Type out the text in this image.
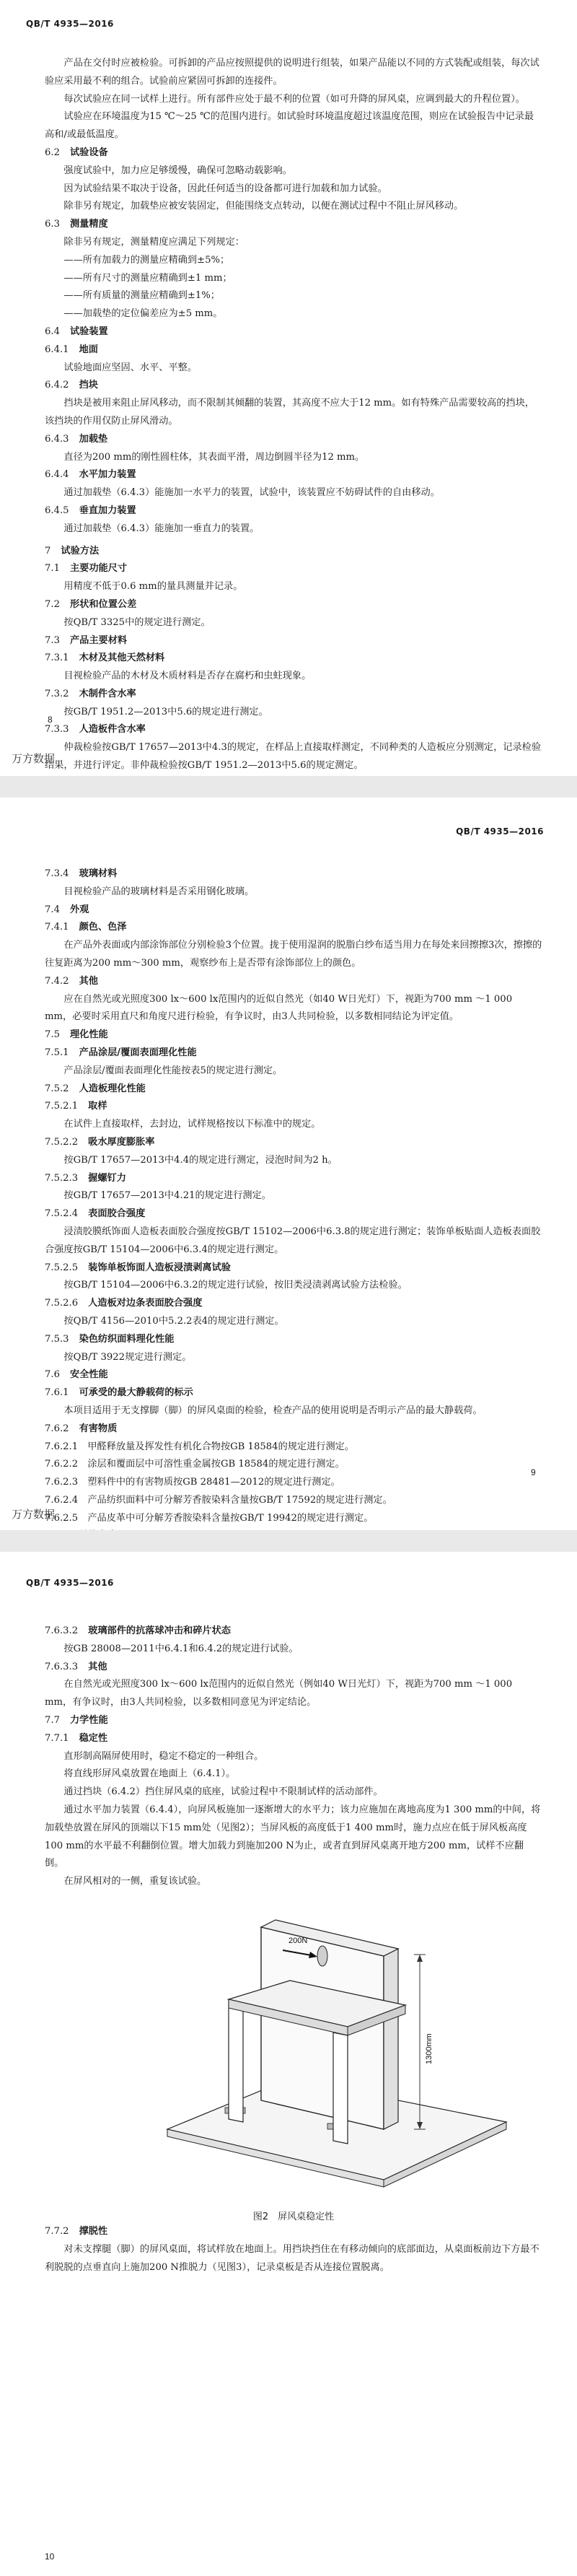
QB/T 4935—2016

产品在交付时应被检验。可拆卸的产品应按照提供的说明进行组装，如果产品能以不同的方式装配或组装，每次试验应采用最不利的组合。试验前应紧固可拆卸的连接件。

每次试验应在同一试样上进行。所有部件应处于最不利的位置（如可升降的屏风桌，应调到最大的升程位置）。

试验应在环境温度为15 ℃～25 ℃的范围内进行。如试验时环境温度超过该温度范围，则应在试验报告中记录最高和/或最低温度。

6.2 试验设备

强度试验中，加力应足够缓慢，确保可忽略动载影响。

因为试验结果不取决于设备，因此任何适当的设备都可进行加载和加力试验。

除非另有规定，加载垫应被安装固定，但能围绕支点转动，以便在测试过程中不阻止屏风移动。

6.3 测量精度

除非另有规定，测量精度应满足下列规定：

——所有加载力的测量应精确到±5%；

——所有尺寸的测量应精确到±1 mm；

——所有质量的测量应精确到±1%；

——加载垫的定位偏差应为±5 mm。

6.4 试验装置

6.4.1 地面

试验地面应坚固、水平、平整。

6.4.2 挡块

挡块是被用来阻止屏风移动，而不限制其倾翻的装置，其高度不应大于12 mm。如有特殊产品需要较高的挡块，该挡块的作用仅防止屏风滑动。

6.4.3 加载垫

直径为200 mm的刚性圆柱体，其表面平滑，周边倒圆半径为12 mm。

6.4.4 水平加力装置

通过加载垫（6.4.3）能施加一水平力的装置，试验中，该装置应不妨碍试件的自由移动。

6.4.5 垂直加力装置

通过加载垫（6.4.3）能施加一垂直力的装置。

7 试验方法

7.1 主要功能尺寸

用精度不低于0.6 mm的量具测量并记录。

7.2 形状和位置公差

按QB/T 3325中的规定进行测定。

7.3 产品主要材料

7.3.1 木材及其他天然材料

目视检验产品的木材及木质材料是否存在腐朽和虫蛀现象。

7.3.2 木制件含水率

按GB/T 1951.2—2013中5.6的规定进行测定。

7.3.3 人造板件含水率

仲裁检验按GB/T 17657—2013中4.3的规定，在样品上直接取样测定，不同种类的人造板应分别测定，记录检验结果，并进行评定。非仲裁检验按GB/T 1951.2—2013中5.6的规定测定。

8
万方数据
QB/T 4935—2016

7.3.4 玻璃材料

目视检验产品的玻璃材料是否采用钢化玻璃。

7.4 外观

7.4.1 颜色、色泽

在产品外表面或内部涂饰部位分别检验3个位置。拢于使用湿润的脱脂白纱布适当用力在每处来回擦擦3次，擦擦的往复距离为200 mm～300 mm，观察纱布上是否带有涂饰部位上的颜色。

7.4.2 其他

应在自然光或光照度300 lx～600 lx范围内的近似自然光（如40 W日光灯）下，视距为700 mm ～1 000 mm，必要时采用直尺和角度尺进行检验，有争议时，由3人共同检验，以多数相同结论为评定值。

7.5 理化性能

7.5.1 产品涂层/覆面表面理化性能

产品涂层/覆面表面理化性能按表5的规定进行测定。

7.5.2 人造板理化性能

7.5.2.1 取样

在试件上直接取样，去封边，试样规格按以下标准中的规定。

7.5.2.2 吸水厚度膨胀率

按GB/T 17657—2013中4.4的规定进行测定，浸泡时间为2 h。

7.5.2.3 握螺钉力

按GB/T 17657—2013中4.21的规定进行测定。

7.5.2.4 表面胶合强度

浸渍胶膜纸饰面人造板表面胶合强度按GB/T 15102—2006中6.3.8的规定进行测定；装饰单板贴面人造板表面胶合强度按GB/T 15104—2006中6.3.4的规定进行测定。

7.5.2.5 装饰单板饰面人造板浸渍剥离试验

按GB/T 15104—2006中6.3.2的规定进行试验，按旧类浸渍剥离试验方法检验。

7.5.2.6 人造板对边条表面胶合强度

按QB/T 4156—2010中5.2.2表4的规定进行测定。

7.5.3 染色纺织面料理化性能

按QB/T 3922规定进行测定。

7.6 安全性能

7.6.1 可承受的最大静载荷的标示

本项目适用于无支撑脚（脚）的屏风桌面的检验，检查产品的使用说明是否明示产品的最大静载荷。

7.6.2 有害物质

7.6.2.1　甲醛释放量及挥发性有机化合物按GB 18584的规定进行测定。

7.6.2.2　涂层和覆面层中可溶性重金属按GB 18584的规定进行测定。

7.6.2.3　塑料件中的有害物质按GB 28481—2012的规定进行测定。

7.6.2.4　产品纺织面料中可分解芳香胺染料含量按GB/T 17592的规定进行测定。

7.6.2.5　产品皮革中可分解芳香胺染料含量按GB/T 19942的规定进行测定。

9
万方数据
QB/T 4935—2016

7.6.3.2 玻璃部件的抗落球冲击和碎片状态

按GB 28008—2011中6.4.1和6.4.2的规定进行试验。

7.6.3.3 其他

在自然光或光照度300 lx～600 lx范围内的近似自然光（例如40 W日光灯）下，视距为700 mm ～1 000 mm，有争议时，由3人共同检验，以多数相同意见为评定结论。

7.7 力学性能

7.7.1 稳定性

直形制高隔屏使用时，稳定不稳定的一种组合。

将直线形屏风桌放置在地面上（6.4.1）。

通过挡块（6.4.2）挡住屏风桌的底座，试验过程中不限制试样的活动部件。

通过水平加力装置（6.4.4），向屏风板施加一逐渐增大的水平力；该力应施加在离地高度为1 300 mm的中间，将加载垫放置在屏风的顶端以下15 mm处（见图2）；当屏风板的高度低于1 400 mm时，施力点应在低于屏风板高度100 mm的水平最不利翻倒位置。增大加载力到施加200 N为止，或者直到屏风桌离开地方200 mm，试样不应翻倒。

在屏风相对的一侧，重复该试验。

200N
1300mm
图2　屏风桌稳定性

7.7.2 撑脱性

对未支撑腿（脚）的屏风桌面，将试样放在地面上。用挡块挡住在有移动倾向的底部面边，从桌面板前边下方最不利脱脱的点垂直向上施加200 N推脱力（见图3），记录桌板是否从连接位置脱离。

10
